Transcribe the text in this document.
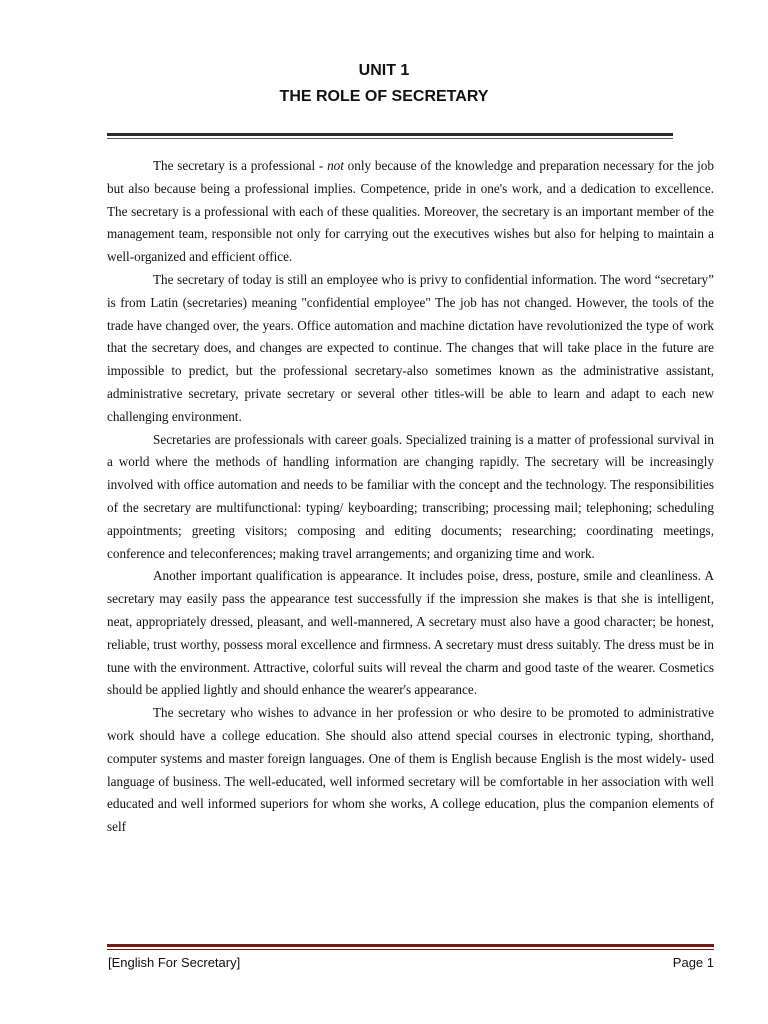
UNIT 1
THE ROLE OF SECRETARY

The secretary is a professional - not only because of the knowledge and preparation necessary for the job but also because being a professional implies. Competence, pride in one's work, and a dedication to excellence. The secretary is a professional with each of these qualities. Moreover, the secretary is an important member of the management team, responsible not only for carrying out the executives wishes but also for helping to maintain a well-organized and efficient office.

The secretary of today is still an employee who is privy to confidential information. The word “secretary” is from Latin (secretaries) meaning "confidential employee" The job has not changed. However, the tools of the trade have changed over, the years. Office automation and machine dictation have revolutionized the type of work that the secretary does, and changes are expected to continue. The changes that will take place in the future are impossible to predict, but the professional secretary-also sometimes known as the administrative assistant, administrative secretary, private secretary or several other titles-will be able to learn and adapt to each new challenging environment.

Secretaries are professionals with career goals. Specialized training is a matter of professional survival in a world where the methods of handling information are changing rapidly. The secretary will be increasingly involved with office automation and needs to be familiar with the concept and the technology. The responsibilities of the secretary are multifunctional: typing/ keyboarding; transcribing; processing mail; telephoning; scheduling appointments; greeting visitors; composing and editing documents; researching; coordinating meetings, conference and teleconferences; making travel arrangements; and organizing time and work.

Another important qualification is appearance. It includes poise, dress, posture, smile and cleanliness. A secretary may easily pass the appearance test successfully if the impression she makes is that she is intelligent, neat, appropriately dressed, pleasant, and well-mannered, A secretary must also have a good character; be honest, reliable, trust worthy, possess moral excellence and firmness. A secretary must dress suitably. The dress must be in tune with the environment. Attractive, colorful suits will reveal the charm and good taste of the wearer. Cosmetics should be applied lightly and should enhance the wearer's appearance.

The secretary who wishes to advance in her profession or who desire to be promoted to administrative work should have a college education. She should also attend special courses in electronic typing, shorthand, computer systems and master foreign languages. One of them is English because English is the most widely- used language of business. The well-educated, well informed secretary will be comfortable in her association with well educated and well informed superiors for whom she works, A college education, plus the companion elements of self

[English For Secretary]	Page 1
